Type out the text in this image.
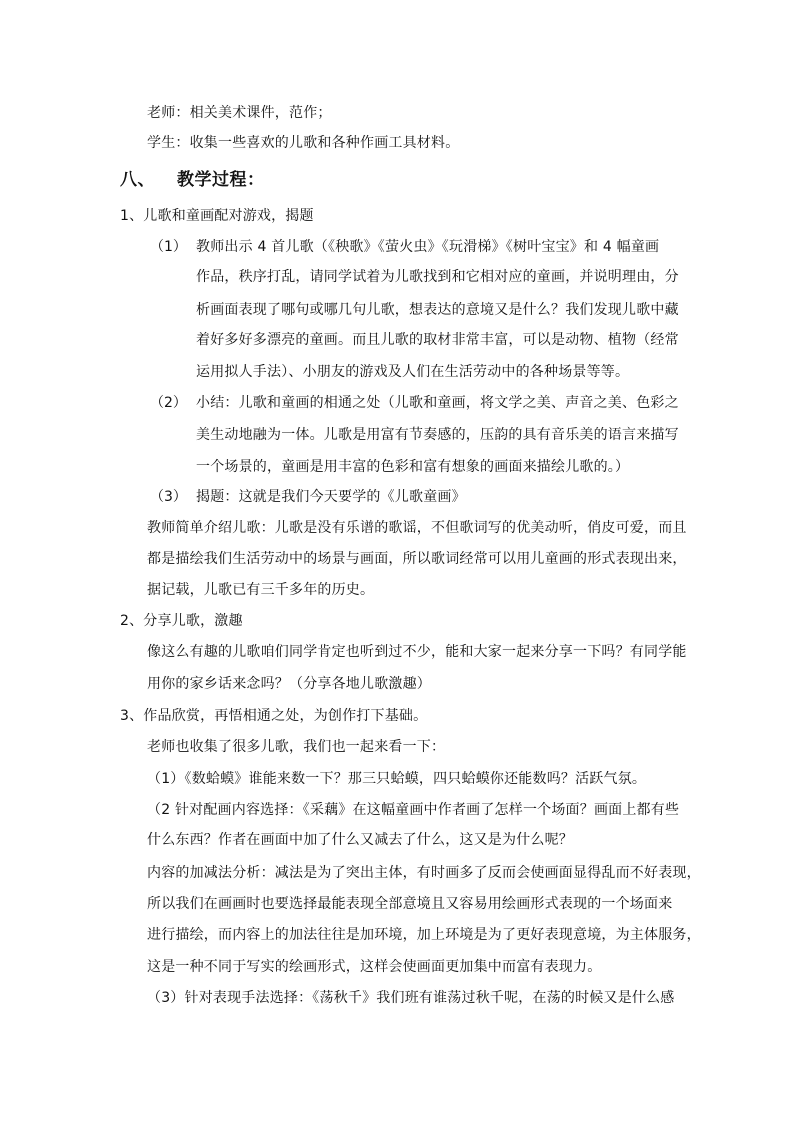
老师：相关美术课件，范作；
学生：收集一些喜欢的儿歌和各种作画工具材料。
八、 教学过程：
1、儿歌和童画配对游戏，揭题
（1） 教师出示 4 首儿歌（《秧歌》《萤火虫》《玩滑梯》《树叶宝宝》和 4 幅童画
作品，秩序打乱，请同学试着为儿歌找到和它相对应的童画，并说明理由，分
析画面表现了哪句或哪几句儿歌，想表达的意境又是什么？我们发现儿歌中藏
着好多好多漂亮的童画。而且儿歌的取材非常丰富，可以是动物、植物（经常
运用拟人手法）、小朋友的游戏及人们在生活劳动中的各种场景等等。
（2） 小结：儿歌和童画的相通之处（儿歌和童画，将文学之美、声音之美、色彩之
美生动地融为一体。儿歌是用富有节奏感的，压韵的具有音乐美的语言来描写
一个场景的，童画是用丰富的色彩和富有想象的画面来描绘儿歌的。）
（3） 揭题：这就是我们今天要学的《儿歌童画》
教师简单介绍儿歌：儿歌是没有乐谱的歌谣，不但歌词写的优美动听，俏皮可爱，而且
都是描绘我们生活劳动中的场景与画面，所以歌词经常可以用儿童画的形式表现出来，
据记载，儿歌已有三千多年的历史。
2、分享儿歌，激趣
像这么有趣的儿歌咱们同学肯定也听到过不少，能和大家一起来分享一下吗？有同学能
用你的家乡话来念吗？（分享各地儿歌激趣）
3、作品欣赏，再悟相通之处，为创作打下基础。
老师也收集了很多儿歌，我们也一起来看一下：
（1）《数蛤蟆》谁能来数一下？那三只蛤蟆，四只蛤蟆你还能数吗？活跃气氛。
（2 针对配画内容选择：《采藕》在这幅童画中作者画了怎样一个场面？画面上都有些
什么东西？作者在画面中加了什么又减去了什么，这又是为什么呢？
内容的加减法分析：减法是为了突出主体，有时画多了反而会使画面显得乱而不好表现，
所以我们在画画时也要选择最能表现全部意境且又容易用绘画形式表现的一个场面来
进行描绘，而内容上的加法往往是加环境，加上环境是为了更好表现意境，为主体服务，
这是一种不同于写实的绘画形式，这样会使画面更加集中而富有表现力。
（3）针对表现手法选择：《荡秋千》我们班有谁荡过秋千呢，在荡的时候又是什么感
